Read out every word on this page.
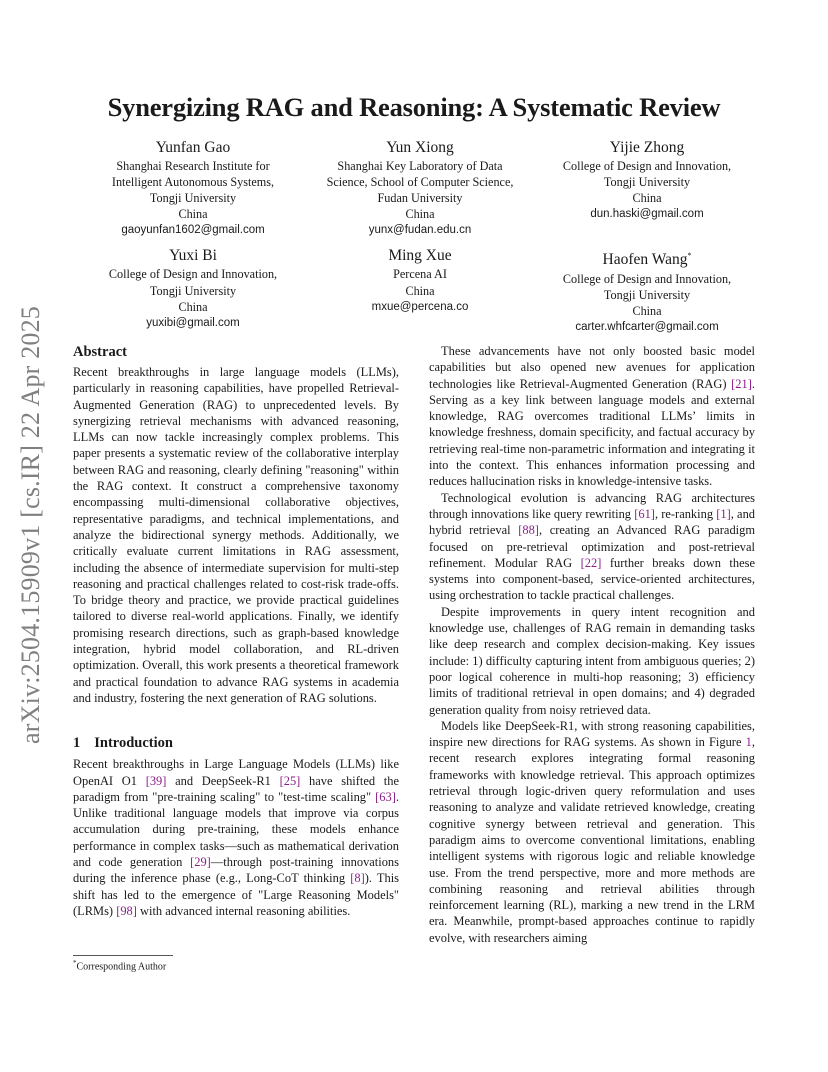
arXiv:2504.15909v1 [cs.IR] 22 Apr 2025
Synergizing RAG and Reasoning: A Systematic Review
Yunfan Gao
Shanghai Research Institute for
Intelligent Autonomous Systems,
Tongji University
China
gaoyunfan1602@gmail.com
Yun Xiong
Shanghai Key Laboratory of Data
Science, School of Computer Science,
Fudan University
China
yunx@fudan.edu.cn
Yijie Zhong
College of Design and Innovation,
Tongji University
China
dun.haski@gmail.com
Yuxi Bi
College of Design and Innovation,
Tongji University
China
yuxibi@gmail.com
Ming Xue
Percena AI
China
mxue@percena.co
Haofen Wang*
College of Design and Innovation,
Tongji University
China
carter.whfcarter@gmail.com
Abstract

Recent breakthroughs in large language models (LLMs), particularly in reasoning capabilities, have propelled Retrieval-Augmented Generation (RAG) to unprecedented levels. By synergizing retrieval mechanisms with advanced reasoning, LLMs can now tackle increasingly complex problems. This paper presents a systematic review of the collaborative interplay between RAG and reasoning, clearly defining "reasoning" within the RAG context. It construct a comprehensive taxonomy encompassing multi-dimensional collaborative objectives, representative paradigms, and technical implementations, and analyze the bidirectional synergy methods. Additionally, we critically evaluate current limitations in RAG assessment, including the absence of intermediate supervision for multi-step reasoning and practical challenges related to cost-risk trade-offs. To bridge theory and practice, we provide practical guidelines tailored to diverse real-world applications. Finally, we identify promising research directions, such as graph-based knowledge integration, hybrid model collaboration, and RL-driven optimization. Overall, this work presents a theoretical framework and practical foundation to advance RAG systems in academia and industry, fostering the next generation of RAG solutions.

1 Introduction

Recent breakthroughs in Large Language Models (LLMs) like OpenAI O1 [39] and DeepSeek-R1 [25] have shifted the paradigm from "pre-training scaling" to "test-time scaling" [63]. Unlike traditional language models that improve via corpus accumulation during pre-training, these models enhance performance in complex tasks—such as mathematical derivation and code generation [29]—through post-training innovations during the inference phase (e.g., Long-CoT thinking [8]). This shift has led to the emergence of "Large Reasoning Models" (LRMs) [98] with advanced internal reasoning abilities.

These advancements have not only boosted basic model capabilities but also opened new avenues for application technologies like Retrieval-Augmented Generation (RAG) [21]. Serving as a key link between language models and external knowledge, RAG overcomes traditional LLMs’ limits in knowledge freshness, domain specificity, and factual accuracy by retrieving real-time non-parametric information and integrating it into the context. This enhances information processing and reduces hallucination risks in knowledge-intensive tasks.

Technological evolution is advancing RAG architectures through innovations like query rewriting [61], re-ranking [1], and hybrid retrieval [88], creating an Advanced RAG paradigm focused on pre-retrieval optimization and post-retrieval refinement. Modular RAG [22] further breaks down these systems into component-based, service-oriented architectures, using orchestration to tackle practical challenges.

Despite improvements in query intent recognition and knowledge use, challenges of RAG remain in demanding tasks like deep research and complex decision-making. Key issues include: 1) difficulty capturing intent from ambiguous queries; 2) poor logical coherence in multi-hop reasoning; 3) efficiency limits of traditional retrieval in open domains; and 4) degraded generation quality from noisy retrieved data.

Models like DeepSeek-R1, with strong reasoning capabilities, inspire new directions for RAG systems. As shown in Figure 1, recent research explores integrating formal reasoning frameworks with knowledge retrieval. This approach optimizes retrieval through logic-driven query reformulation and uses reasoning to analyze and validate retrieved knowledge, creating cognitive synergy between retrieval and generation. This paradigm aims to overcome conventional limitations, enabling intelligent systems with rigorous logic and reliable knowledge use. From the trend perspective, more and more methods are combining reasoning and retrieval abilities through reinforcement learning (RL), marking a new trend in the LRM era. Meanwhile, prompt-based approaches continue to rapidly evolve, with researchers aiming

*Corresponding Author
